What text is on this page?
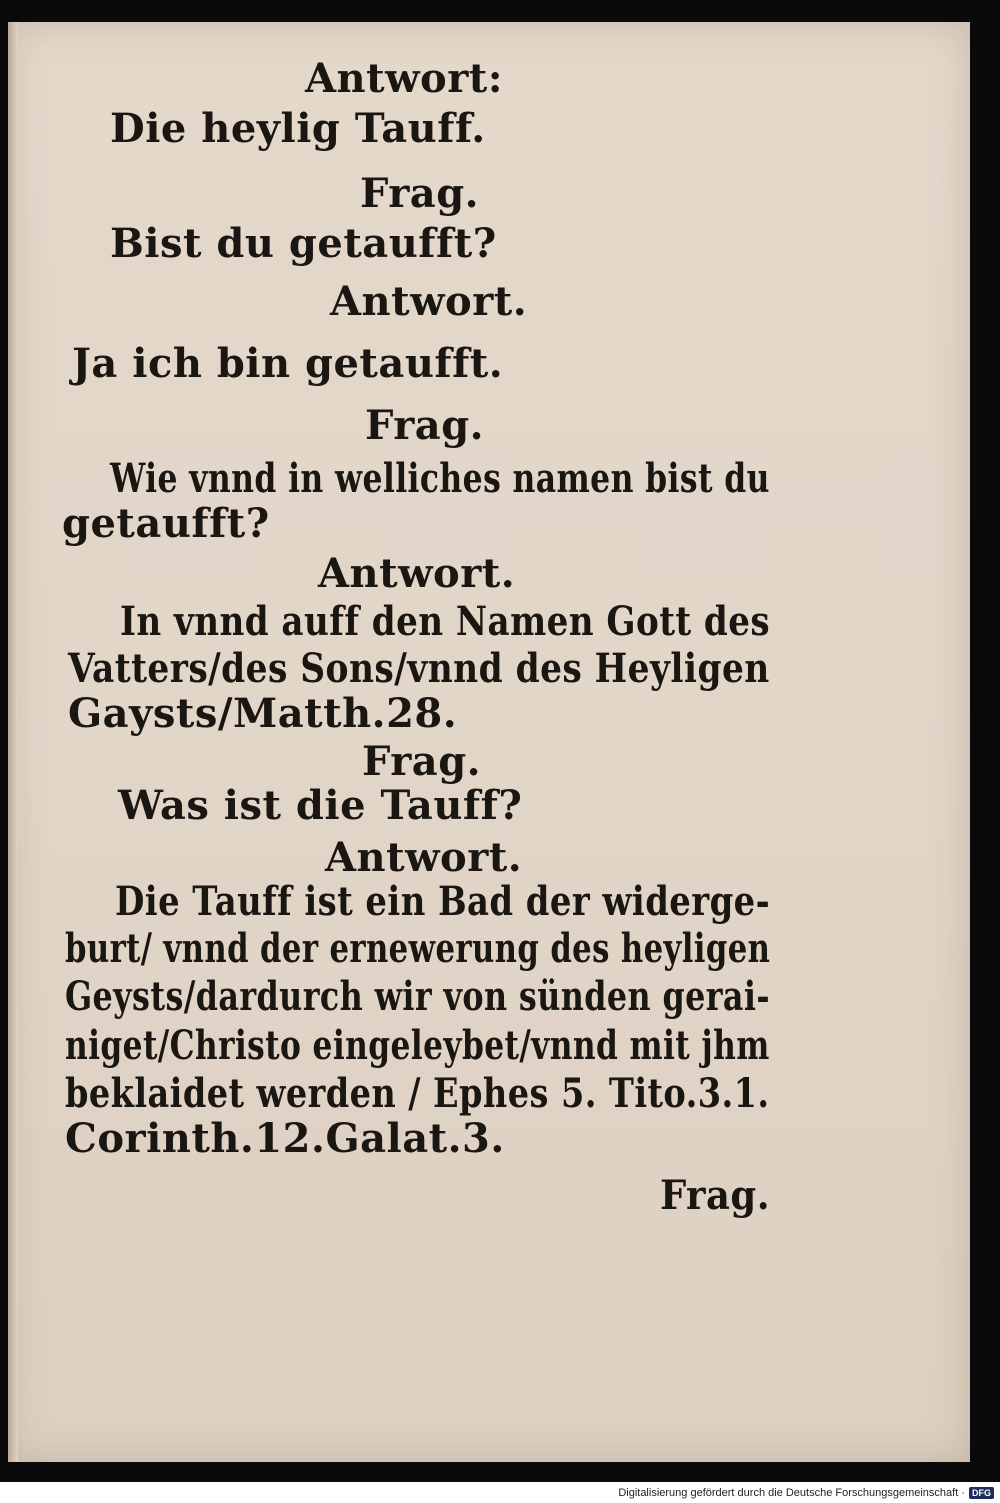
Antwort:
Die heylig Tauff.
Frag.
Bist du getaufft?
Antwort.
Ja ich bin getaufft.
Frag.
Wie vnnd in welliches namen bist du
getaufft?
Antwort.
In vnnd auff den Namen Gott des
Vatters/des Sons/vnnd des Heyligen
Gaysts/Matth.28.
Frag.
Was ist die Tauff?
Antwort.
Die Tauff ist ein Bad der widerge-
burt/ vnnd der ernewerung des heyligen
Geysts/dardurch wir von sünden gerai-
niget/Christo eingeleybet/vnnd mit jhm
beklaidet werden / Ephes 5. Tito.3.1.
Corinth.12.Galat.3.
Frag.
Digitalisierung gefördert durch die Deutsche Forschungsgemeinschaft · DFG
